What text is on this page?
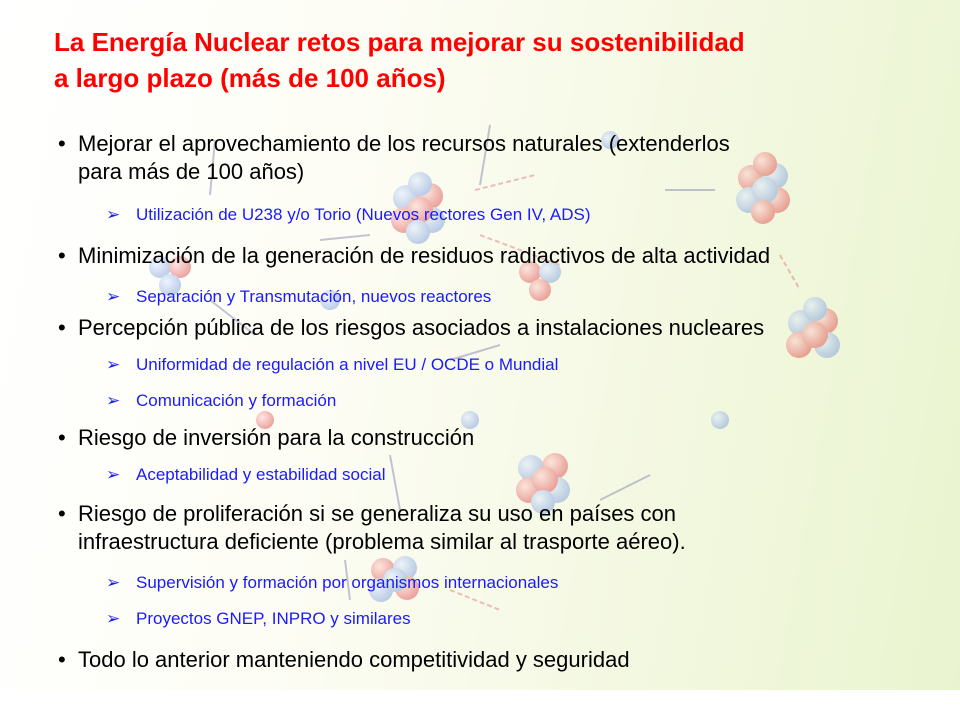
La Energía Nuclear retos para mejorar su sostenibilidad
a largo plazo (más de 100 años)
• Mejorar el aprovechamiento de los recursos naturales (extenderlos
para más de 100 años)
➢ Utilización de U238 y/o Torio (Nuevos rectores Gen IV, ADS)
• Minimización de la generación de residuos radiactivos de alta actividad
➢ Separación y Transmutación, nuevos reactores
• Percepción pública de los riesgos asociados a instalaciones nucleares
➢ Uniformidad de regulación a nivel EU / OCDE o Mundial
➢ Comunicación y formación
• Riesgo de inversión para la construcción
➢ Aceptabilidad y estabilidad social
• Riesgo de proliferación si se generaliza su uso en países con
infraestructura deficiente (problema similar al trasporte aéreo).
➢ Supervisión y formación por organismos internacionales
➢ Proyectos GNEP, INPRO y similares
• Todo lo anterior manteniendo competitividad y seguridad
